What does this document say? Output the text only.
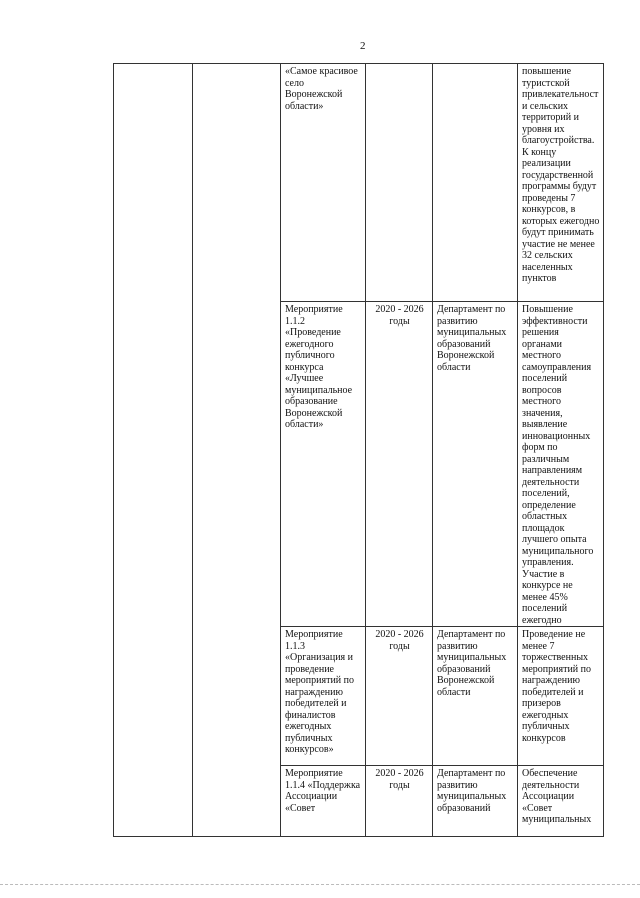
2
		«Самое красивое село Воронежской области»			повышение туристской привлекательности сельских территорий и уровня их благоустройства. К концу реализации государственной программы будут проведены 7 конкурсов, в которых ежегодно будут принимать участие не менее 32 сельских населенных пунктов
		Мероприятие 1.1.2 «Проведение ежегодного публичного конкурса «Лучшее муниципальное образование Воронежской области»	2020 - 2026 годы	Департамент по развитию муниципальных образований Воронежской области	Повышение эффективности решения органами местного самоуправления поселений вопросов местного значения, выявление инновационных форм по различным направлениям деятельности поселений, определение областных площадок лучшего опыта муниципального управления. Участие в конкурсе не менее 45% поселений ежегодно
		Мероприятие 1.1.3 «Организация и проведение мероприятий по награждению победителей и финалистов ежегодных публичных конкурсов»	2020 - 2026 годы	Департамент по развитию муниципальных образований Воронежской области	Проведение не менее 7 торжественных мероприятий по награждению победителей и призеров ежегодных публичных конкурсов
		Мероприятие 1.1.4 «Поддержка Ассоциации «Совет	2020 - 2026 годы	Департамент по развитию муниципальных образований	Обеспечение деятельности Ассоциации «Совет муниципальных
